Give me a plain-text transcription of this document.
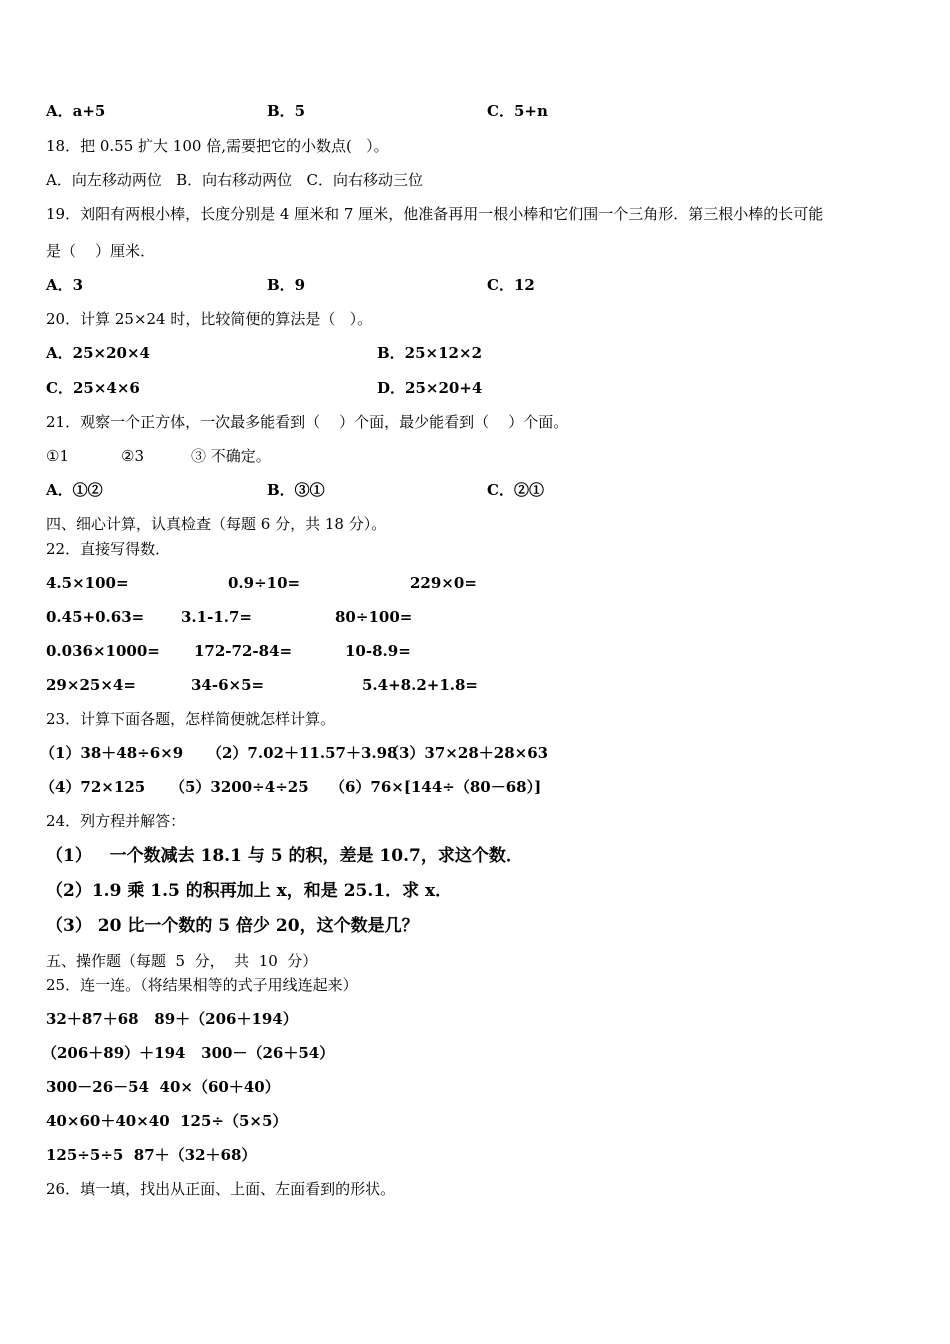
A．a+5	B．5	C．5+n
18．把 0.55 扩大 100 倍,需要把它的小数点(   ）。
A．向左移动两位   B．向右移动两位   C．向右移动三位
19．刘阳有两根小棒，长度分别是 4 厘米和 7 厘米，他准备再用一根小棒和它们围一个三角形．第三根小棒的长可能
是（    ）厘米．
A．3	B．9	C．12
20．计算 25×24 时，比较简便的算法是（   ）。
A．25×20×4	B．25×12×2
C．25×4×6	D．25×20+4
21．观察一个正方体，一次最多能看到（    ）个面，最少能看到（    ）个面。
①1	②3	③ 不确定。
A．①②	B．③①	C．②①
四、细心计算，认真检查（每题 6 分，共 18 分）。
22．直接写得数．
4.5×100=	0.9÷10=	229×0=
0.45+0.63= 3.1-1.7=	80÷100=
0.036×1000= 172-72-84=	10-8.9=
29×25×4=	34-6×5=	5.4+8.2+1.8=
23．计算下面各题，怎样简便就怎样计算。
（1）38＋48÷6×9 （2）7.02＋11.57＋3.98
（3）37×28＋28×63
（4）72×125 （5）3200÷4÷25 （6）76×[144÷（80－68）]
24．列方程并解答：
（1）   一个数减去 18.1 与 5 的积，差是 10.7，求这个数．
（2）1.9 乘 1.5 的积再加上 x，和是 25.1．求 x．
（3） 20 比一个数的 5 倍少 20，这个数是几？
五、操作题（每题  5  分，  共  10  分）
25．连一连。（将结果相等的式子用线连起来）
32＋87＋68   89＋（206＋194）
（206＋89）＋194   300－（26＋54）
300－26－54  40×（60＋40）
40×60＋40×40  125÷（5×5）
125÷5÷5  87＋（32＋68）
26．填一填，找出从正面、上面、左面看到的形状。
